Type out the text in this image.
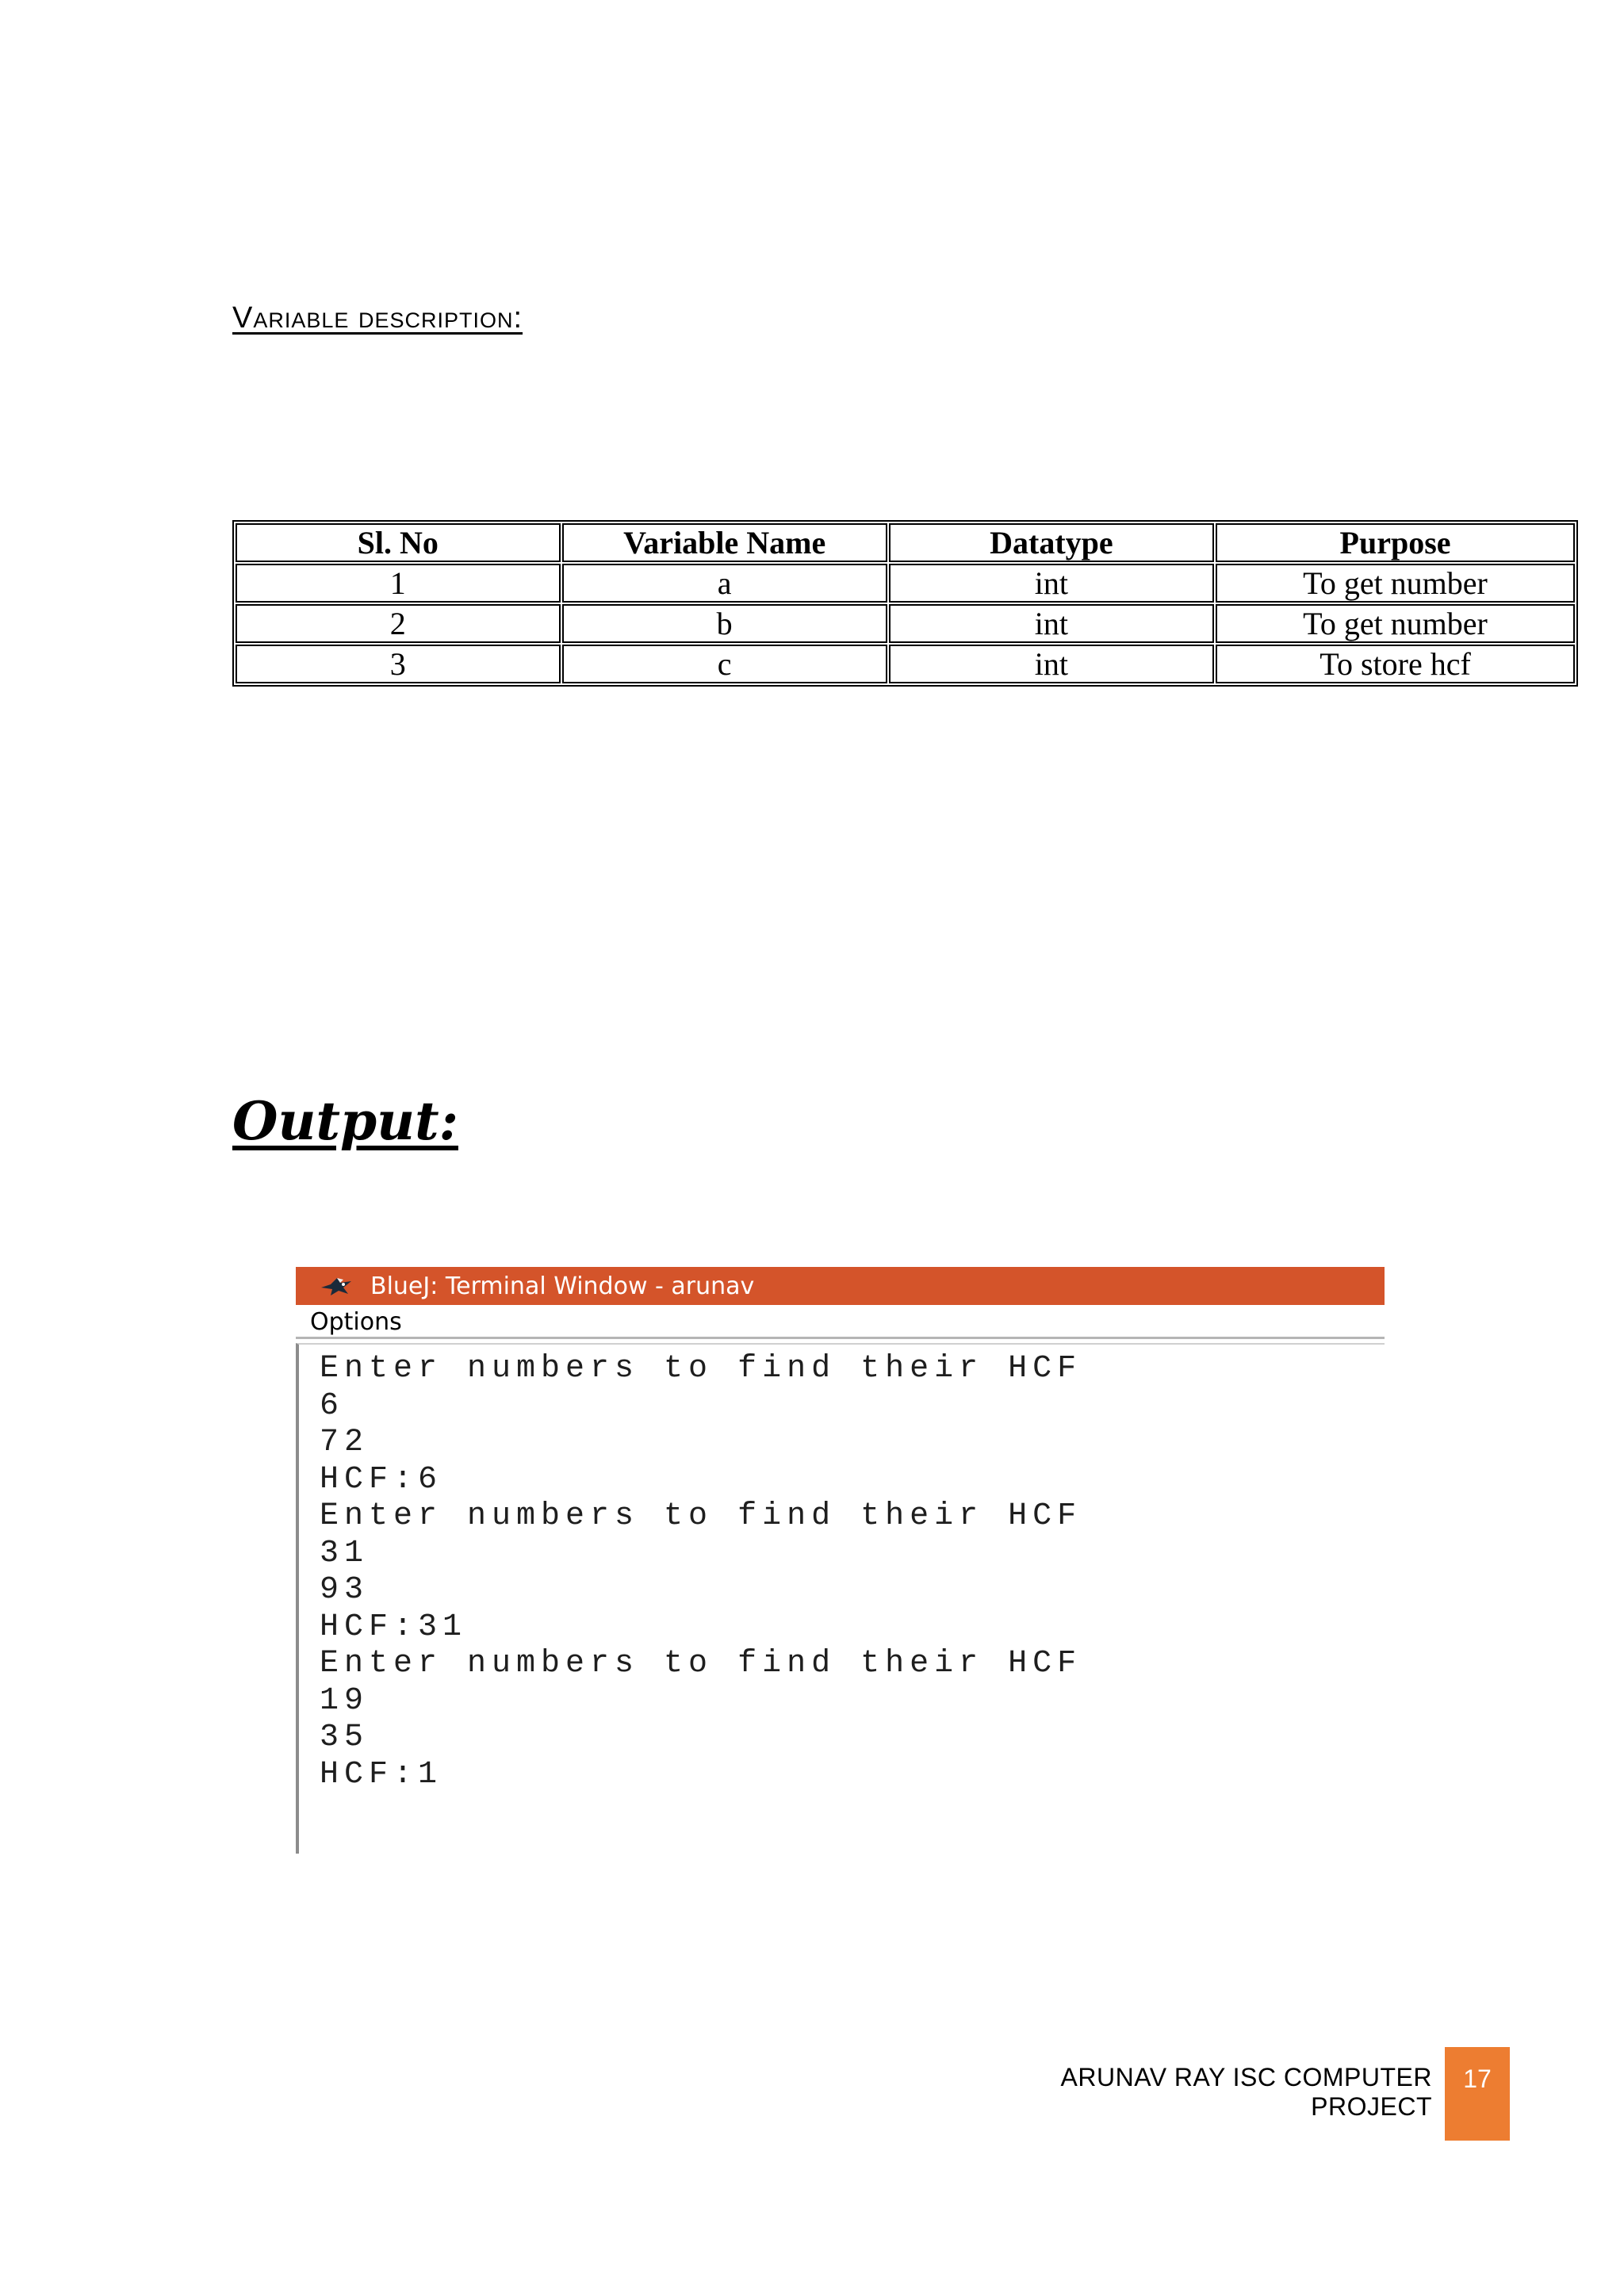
Variable description:
Sl. No	Variable Name	Datatype	Purpose
1	a	int	To get number
2	b	int	To get number
3	c	int	To store hcf
Output:
BlueJ: Terminal Window - arunav
Options
Enter numbers to find their HCF
6
72
HCF:6
Enter numbers to find their HCF
31
93
HCF:31
Enter numbers to find their HCF
19
35
HCF:1
ARUNAV RAY ISC COMPUTER PROJECT
17
